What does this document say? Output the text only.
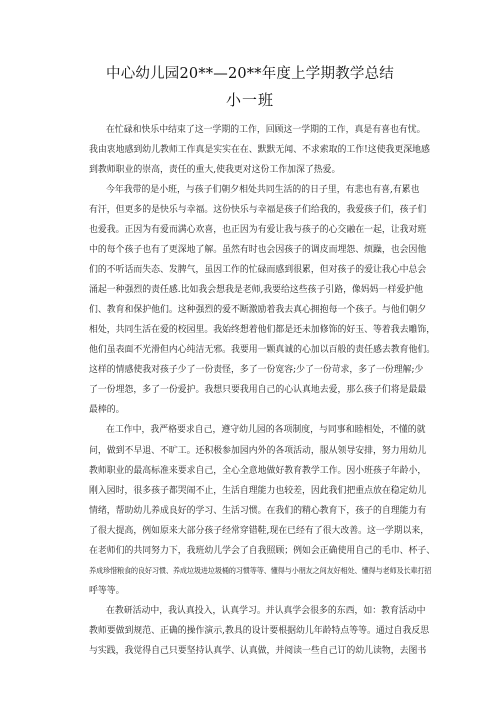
中心幼儿园20**—20**年度上学期教学总结
小一班
在忙碌和快乐中结束了这一学期的工作，回顾这一学期的工作，真是有喜也有忧。
我由衷地感到幼儿教师工作真是实实在在、默默无闻、不求索取的工作!这使我更深地感
到教师职业的崇高，责任的重大,使我更对这份工作加深了热爱。
今年我带的是小班，与孩子们朝夕相处共同生活的的日子里，有悲也有喜,有累也
有汗，但更多的是快乐与幸福。这份快乐与幸福是孩子们给我的，我爱孩子们，孩子们
也爱我。正因为有爱而满心欢喜，也正因为有爱让我与孩子的心交融在一起，让我对班
中的每个孩子也有了更深地了解。虽然有时也会因孩子的调皮而埋怨、烦躁，也会因他
们的不听话而失态、发脾气，虽因工作的忙碌而感到很累，但对孩子的爱让我心中总会
涌起一种强烈的责任感.比如我会想我是老师,我要给这些孩子引路，像妈妈一样爱护他
们、教育和保护他们。这种强烈的爱不断激励着我去真心拥抱每一个孩子。与他们朝夕
相处，共同生活在爱的校园里。我始终想着他们都是还未加修饰的好玉、等着我去雕饰，
他们虽表面不光滑但内心纯洁无邪。我要用一颗真诚的心加以百般的责任感去教育他们。
这样的情感使我对孩子少了一份责怪，多了一份宽容;少了一份苛求，多了一份理解;少
了一份埋怨，多了一份爱护。我想只要我用自己的心认真地去爱，那么孩子们将是最最
最棒的。
在工作中，我严格要求自己，遵守幼儿园的各项制度，与同事和睦相处，不懂的就
问，做到不早退、不旷工。还积极参加园内外的各项活动，服从领导安排，努力用幼儿
教师职业的最高标准来要求自己，全心全意地做好教育教学工作。因小班孩子年龄小，
刚入园时，很多孩子都哭闹不止，生活自理能力也较差，因此我们把重点放在稳定幼儿
情绪，帮助幼儿养成良好的学习、生活习惯。在我们的精心教育下，孩子的自理能力有
了很大提高，例如原来大部分孩子经常穿错鞋,现在已经有了很大改善。这一学期以来，
在老师们的共同努力下，我班幼儿学会了自我照顾；例如会正确使用自己的毛巾、杯子、
养成珍惜粮食的良好习惯、养成垃圾进垃圾桶的习惯等等、懂得与小朋友之间友好相处、懂得与老师及长辈打招
呼等等。
在教研活动中，我认真投入，认真学习。并认真学会很多的东西，如：教育活动中
教师要做到规范、正确的操作演示,教具的设计要根据幼儿年龄特点等等。通过自我反思
与实践，我觉得自己只要坚持认真学、认真做，并阅读一些自己订的幼儿读物，去图书
